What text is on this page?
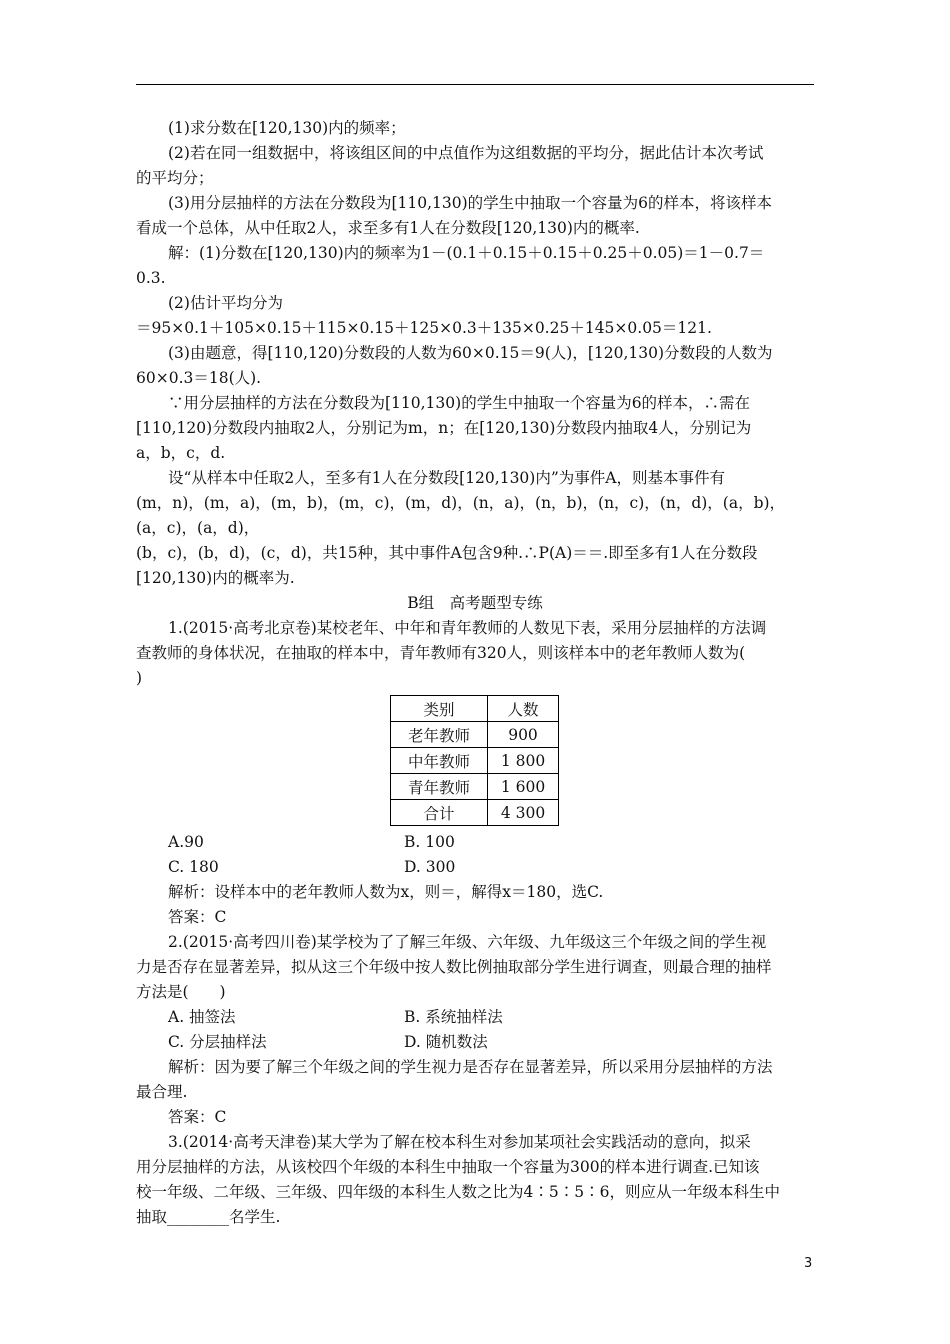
(1)求分数在[120,130)内的频率；

(2)若在同一组数据中，将该组区间的中点值作为这组数据的平均分，据此估计本次考试

的平均分；

(3)用分层抽样的方法在分数段为[110,130)的学生中抽取一个容量为6的样本，将该样本

看成一个总体，从中任取2人，求至多有1人在分数段[120,130)内的概率.

解：(1)分数在[120,130)内的频率为1－(0.1＋0.15＋0.15＋0.25＋0.05)＝1－0.7＝

0.3.

(2)估计平均分为

＝95×0.1＋105×0.15＋115×0.15＋125×0.3＋135×0.25＋145×0.05＝121.

(3)由题意，得[110,120)分数段的人数为60×0.15＝9(人)，[120,130)分数段的人数为

60×0.3＝18(人).

∵用分层抽样的方法在分数段为[110,130)的学生中抽取一个容量为6的样本，∴需在

[110,120)分数段内抽取2人，分别记为m，n；在[120,130)分数段内抽取4人，分别记为

a，b，c，d.

设“从样本中任取2人，至多有1人在分数段[120,130)内”为事件A，则基本事件有

(m，n)，(m，a)，(m，b)，(m，c)，(m，d)，(n，a)，(n，b)，(n，c)，(n，d)，(a，b)，(a，c)，(a，d)，

(b，c)，(b，d)，(c，d)，共15种，其中事件A包含9种.∴P(A)＝＝.即至多有1人在分数段

[120,130)内的概率为.

B组　高考题型专练

1.(2015·高考北京卷)某校老年、中年和青年教师的人数见下表，采用分层抽样的方法调

查教师的身体状况，在抽取的样本中，青年教师有320人，则该样本中的老年教师人数为(

)

类别	人数
老年教师	900
中年教师	1 800
青年教师	1 600
合计	4 300
A.90	B. 100
C. 180	D. 300

解析：设样本中的老年教师人数为x，则＝，解得x＝180，选C.

答案：C

2.(2015·高考四川卷)某学校为了了解三年级、六年级、九年级这三个年级之间的学生视

力是否存在显著差异，拟从这三个年级中按人数比例抽取部分学生进行调查，则最合理的抽样

方法是(　　)

A. 抽签法	B. 系统抽样法
C. 分层抽样法	D. 随机数法

解析：因为要了解三个年级之间的学生视力是否存在显著差异，所以采用分层抽样的方法

最合理.

答案：C

3.(2014·高考天津卷)某大学为了解在校本科生对参加某项社会实践活动的意向，拟采

用分层抽样的方法，从该校四个年级的本科生中抽取一个容量为300的样本进行调查.已知该

校一年级、二年级、三年级、四年级的本科生人数之比为4∶5∶5∶6，则应从一年级本科生中

抽取________名学生.

3
